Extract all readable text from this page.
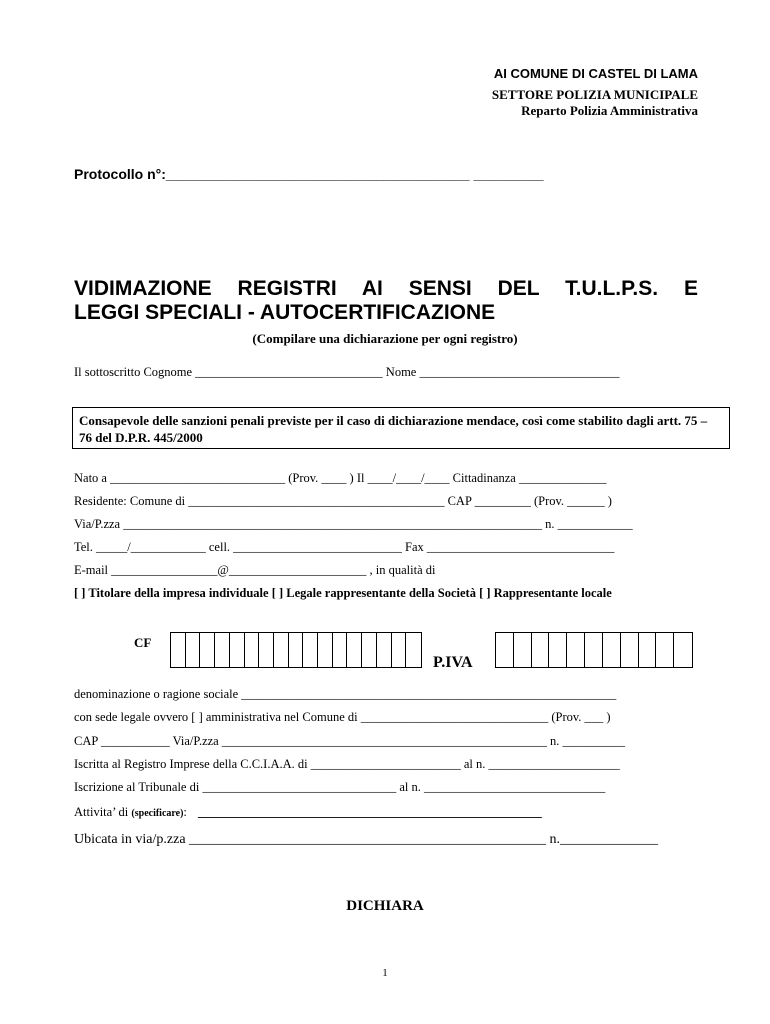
AI COMUNE DI CASTEL DI LAMA
SETTORE POLIZIA MUNICIPALE
Reparto Polizia Amministrativa
Protocollo n°:_______________________________________ _________
VIDIMAZIONE REGISTRI AI SENSI DEL T.U.L.P.S. E
LEGGI SPECIALI - AUTOCERTIFICAZIONE
(Compilare una dichiarazione per ogni registro)
Il sottoscritto Cognome ______________________________ Nome ________________________________
Consapevole delle sanzioni penali previste per il caso di dichiarazione mendace, così come stabilito dagli artt. 75 – 76 del D.P.R. 445/2000
Nato a ____________________________ (Prov. ____ ) Il ____/____/____ Cittadinanza ______________
Residente: Comune di _________________________________________ CAP _________ (Prov. ______ )
Via/P.zza ___________________________________________________________________ n. ____________
Tel. _____/____________ cell. ___________________________ Fax ______________________________
E-mail _________________@______________________ , in qualità di
[ ] Titolare della impresa individuale [ ] Legale rappresentante della Società [ ] Rappresentante locale
CF
P.IVA
denominazione o ragione sociale ____________________________________________________________
con sede legale ovvero [ ] amministrativa nel Comune di ______________________________ (Prov. ___ )
CAP ___________ Via/P.zza ____________________________________________________ n. __________
Iscritta al Registro Imprese della C.C.I.A.A. di ________________________ al n. _____________________
Iscrizione al Tribunale di _______________________________ al n. _____________________________
Attivita’ di (specificare): _______________________________________________________
Ubicata in via/p.zza ___________________________________________________ n.______________
DICHIARA
1
